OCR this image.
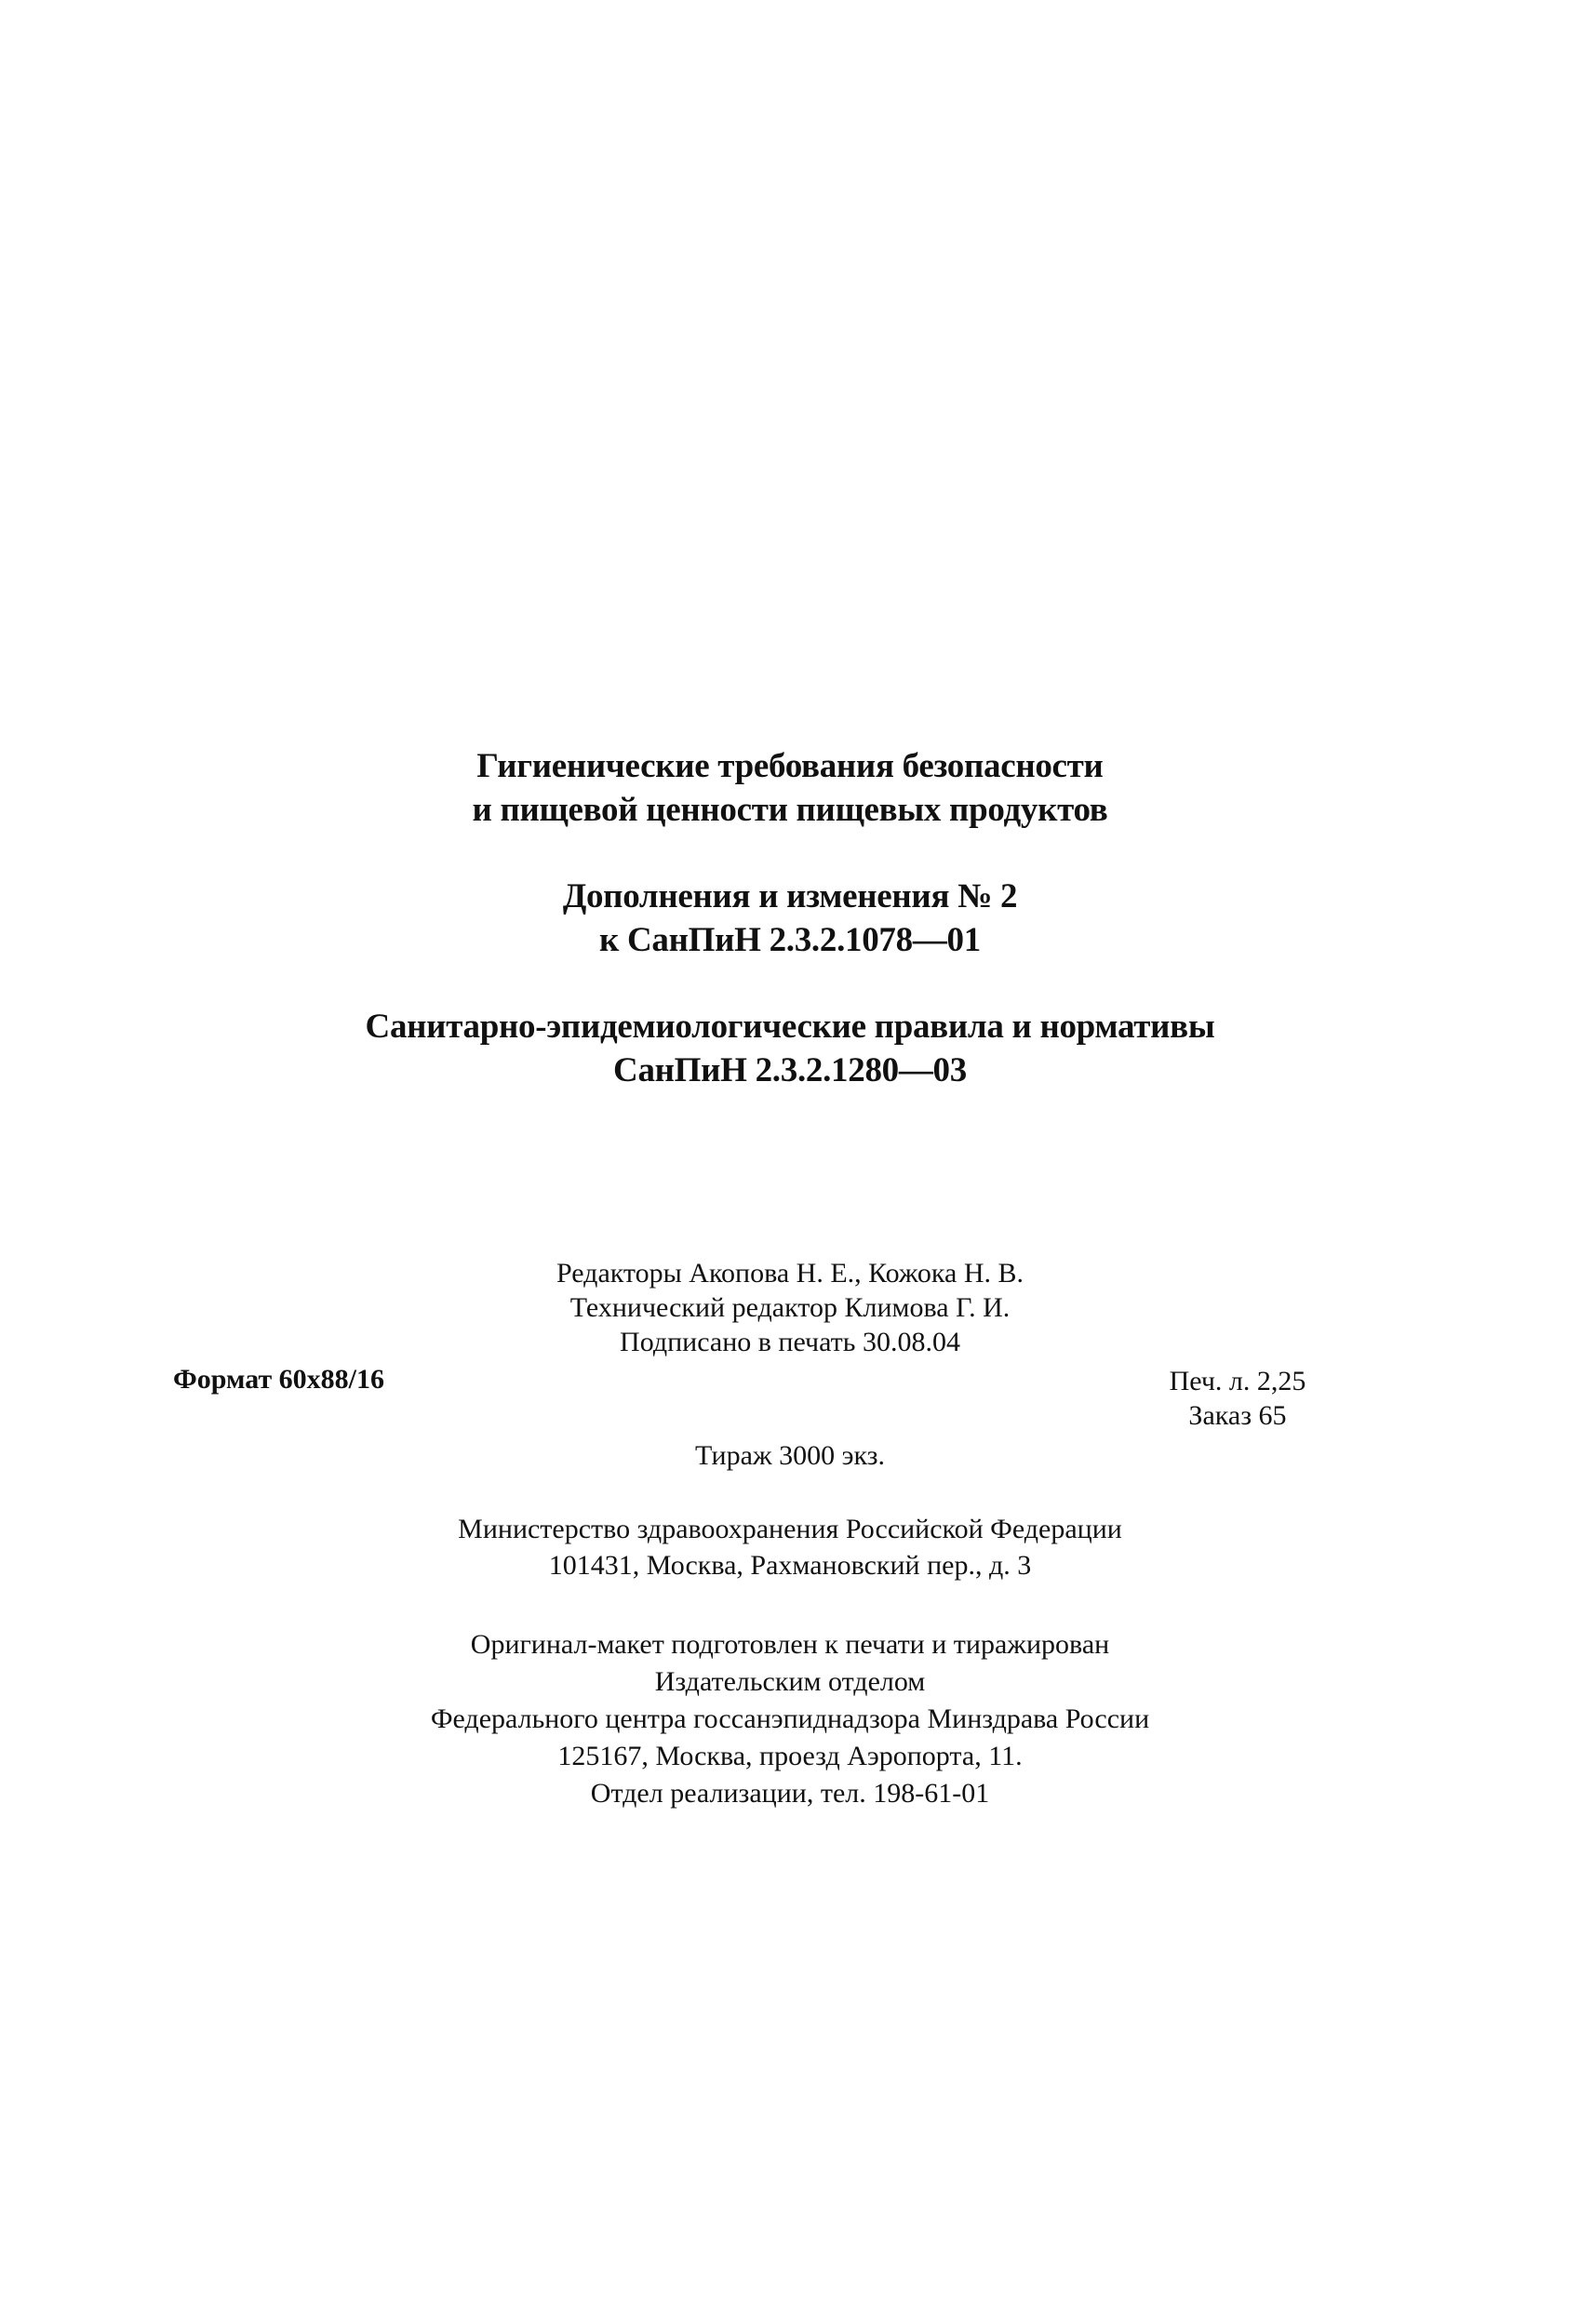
Гигиенические требования безопасности
и пищевой ценности пищевых продуктов
Дополнения и изменения № 2
к СанПиН 2.3.2.1078—01
Санитарно-эпидемиологические правила и нормативы
СанПиН 2.3.2.1280—03
Редакторы Акопова Н. Е., Кожока Н. В.
Технический редактор Климова Г. И.
Подписано в печать 30.08.04
Формат 60x88/16	Печ. л. 2,25
Заказ 65
Тираж 3000 экз.
Министерство здравоохранения Российской Федерации
101431, Москва, Рахмановский пер., д. 3
Оригинал-макет подготовлен к печати и тиражирован
Издательским отделом
Федерального центра госсанэпиднадзора Минздрава России
125167, Москва, проезд Аэропорта, 11.
Отдел реализации, тел. 198-61-01
